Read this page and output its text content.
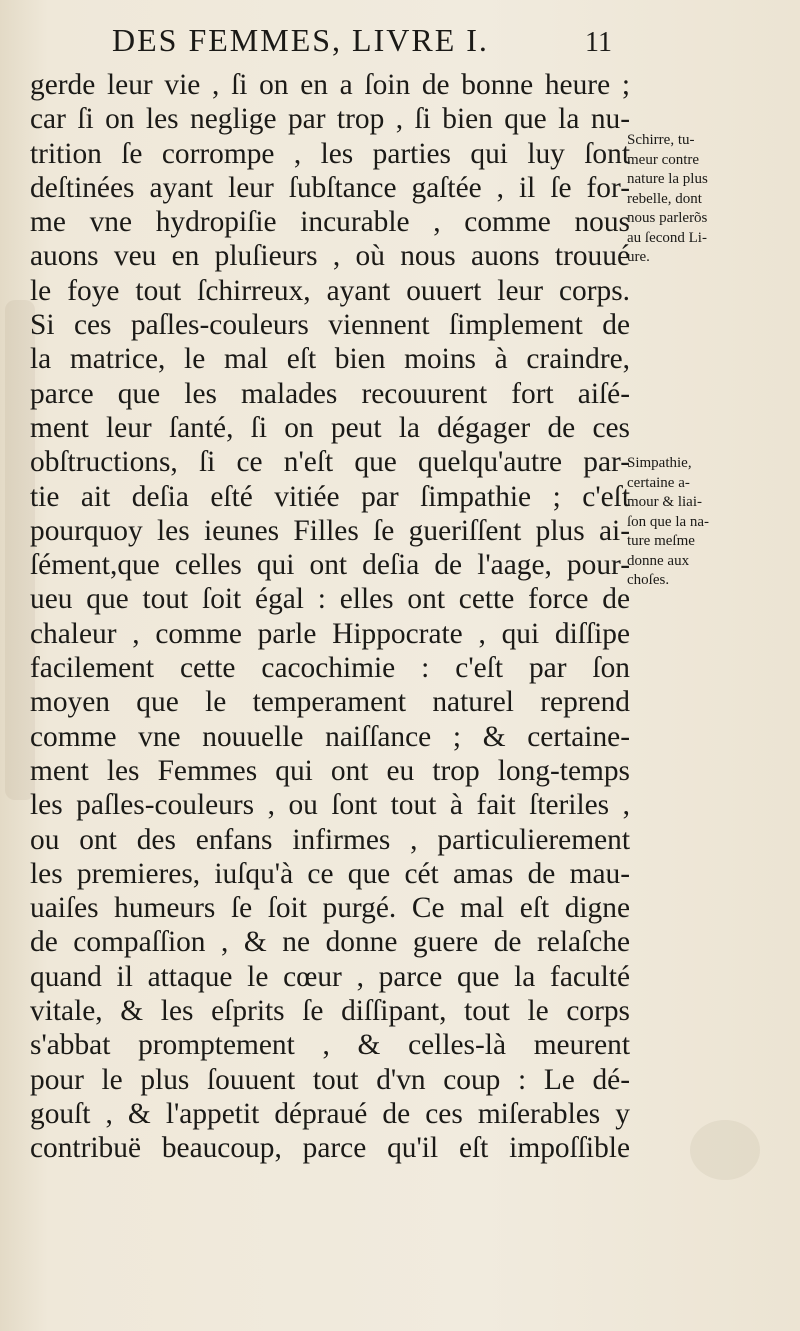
DES FEMMES, LIVRE I.	11
gerde leur vie , ſi on en a ſoin de bonne heure ;
car ſi on les neglige par trop , ſi bien que la nu-
trition ſe corrompe , les parties qui luy ſont
deſtinées ayant leur ſubſtance gaſtée , il ſe for-
me vne hydropiſie incurable , comme nous
auons veu en pluſieurs , où nous auons trouué
le foye tout ſchirreux, ayant ouuert leur corps.
Si ces paſles-couleurs viennent ſimplement de
la matrice, le mal eſt bien moins à craindre,
parce que les malades recouurent fort aiſé-
ment leur ſanté, ſi on peut la dégager de ces
obſtructions, ſi ce n'eſt que quelqu'autre par-
tie ait deſia eſté vitiée par ſimpathie ; c'eſt
pourquoy les ieunes Filles ſe gueriſſent plus ai-
ſément,que celles qui ont deſia de l'aage, pour-
ueu que tout ſoit égal : elles ont cette force de
chaleur , comme parle Hippocrate , qui diſſipe
facilement cette cacochimie : c'eſt par ſon
moyen que le temperament naturel reprend
comme vne nouuelle naiſſance ; & certaine-
ment les Femmes qui ont eu trop long-temps
les paſles-couleurs , ou ſont tout à fait ſteriles ,
ou ont des enfans infirmes , particulierement
les premieres, iuſqu'à ce que cét amas de mau-
uaiſes humeurs ſe ſoit purgé. Ce mal eſt digne
de compaſſion , & ne donne guere de relaſche
quand il attaque le cœur , parce que la faculté
vitale, & les eſprits ſe diſſipant, tout le corps
s'abbat promptement , & celles-là meurent
pour le plus ſouuent tout d'vn coup : Le dé-
gouſt , & l'appetit dépraué de ces miſerables y
contribuë beaucoup, parce qu'il eſt impoſſible
Schirre, tu-
meur contre
nature la plus
rebelle, dont
nous parlerõs
au ſecond Li-
ure.
Simpathie,
certaine a-
mour & liai-
ſon que la na-
ture meſme
donne aux
choſes.
